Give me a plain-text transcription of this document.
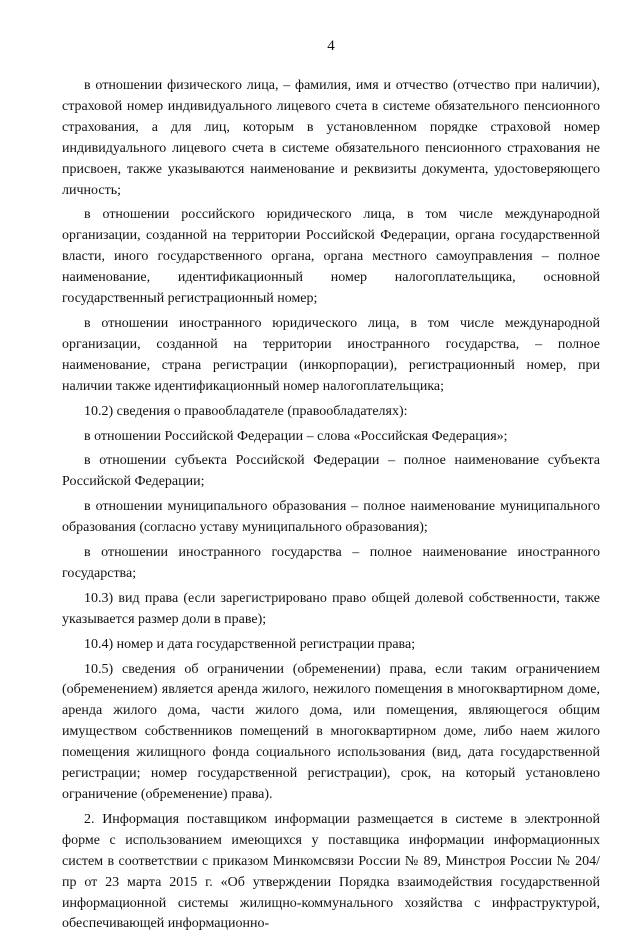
4

в отношении физического лица, – фамилия, имя и отчество (отчество при наличии), страховой номер индивидуального лицевого счета в системе обязательного пенсионного страхования, а для лиц, которым в установленном порядке страховой номер индивидуального лицевого счета в системе обязательного пенсионного страхования не присвоен, также указываются наименование и реквизиты документа, удостоверяющего личность;

в отношении российского юридического лица, в том числе международной организации, созданной на территории Российской Федерации, органа государственной власти, иного государственного органа, органа местного самоуправления – полное наименование, идентификационный номер налогоплательщика, основной государственный регистрационный номер;

в отношении иностранного юридического лица, в том числе международной организации, созданной на территории иностранного государства, – полное наименование, страна регистрации (инкорпорации), регистрационный номер, при наличии также идентификационный номер налогоплательщика;

10.2) сведения о правообладателе (правообладателях):

в отношении Российской Федерации – слова «Российская Федерация»;

в отношении субъекта Российской Федерации – полное наименование субъекта Российской Федерации;

в отношении муниципального образования – полное наименование муниципального образования (согласно уставу муниципального образования);

в отношении иностранного государства – полное наименование иностранного государства;

10.3) вид права (если зарегистрировано право общей долевой собственности, также указывается размер доли в праве);

10.4) номер и дата государственной регистрации права;

10.5) сведения об ограничении (обременении) права, если таким ограничением (обременением) является аренда жилого, нежилого помещения в многоквартирном доме, аренда жилого дома, части жилого дома, или помещения, являющегося общим имуществом собственников помещений в многоквартирном доме, либо наем жилого помещения жилищного фонда социального использования (вид, дата государственной регистрации; номер государственной регистрации), срок, на который установлено ограничение (обременение) права).

2. Информация поставщиком информации размещается в системе в электронной форме с использованием имеющихся у поставщика информации информационных систем в соответствии с приказом Минкомсвязи России № 89, Минстроя России № 204/пр от 23 марта 2015 г. «Об утверждении Порядка взаимодействия государственной информационной системы жилищно-коммунального хозяйства с инфраструктурой, обеспечивающей информационно-
